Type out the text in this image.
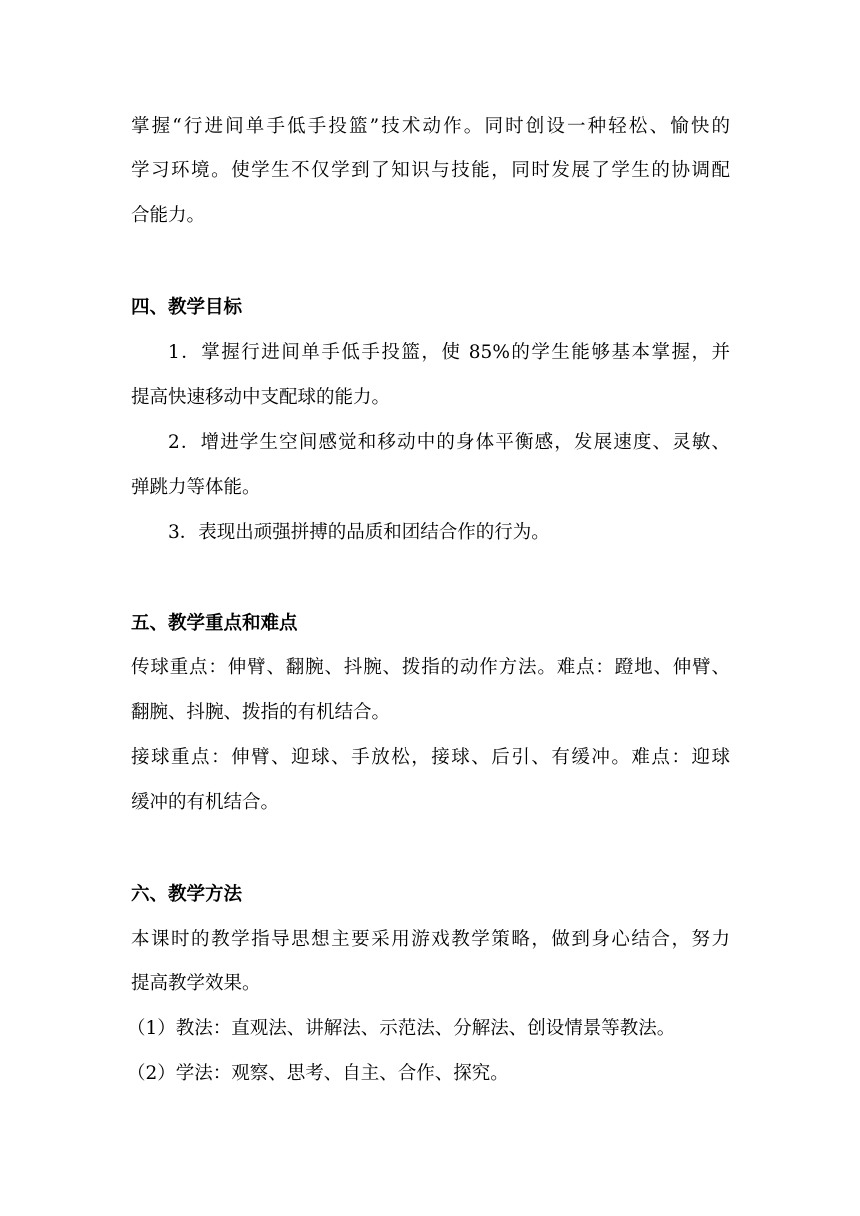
掌握“行进间单手低手投篮”技术动作。同时创设一种轻松、愉快的
学习环境。使学生不仅学到了知识与技能，同时发展了学生的协调配
合能力。
四、教学目标
1．掌握行进间单手低手投篮，使 85%的学生能够基本掌握，并
提高快速移动中支配球的能力。
2．增进学生空间感觉和移动中的身体平衡感，发展速度、灵敏、
弹跳力等体能。
3．表现出顽强拼搏的品质和团结合作的行为。
五、教学重点和难点
传球重点：伸臂、翻腕、抖腕、拨指的动作方法。难点：蹬地、伸臂、
翻腕、抖腕、拨指的有机结合。
接球重点：伸臂、迎球、手放松，接球、后引、有缓冲。难点：迎球
缓冲的有机结合。
六、教学方法
本课时的教学指导思想主要采用游戏教学策略，做到身心结合，努力
提高教学效果。
（1）教法：直观法、讲解法、示范法、分解法、创设情景等教法。
（2）学法：观察、思考、自主、合作、探究。
